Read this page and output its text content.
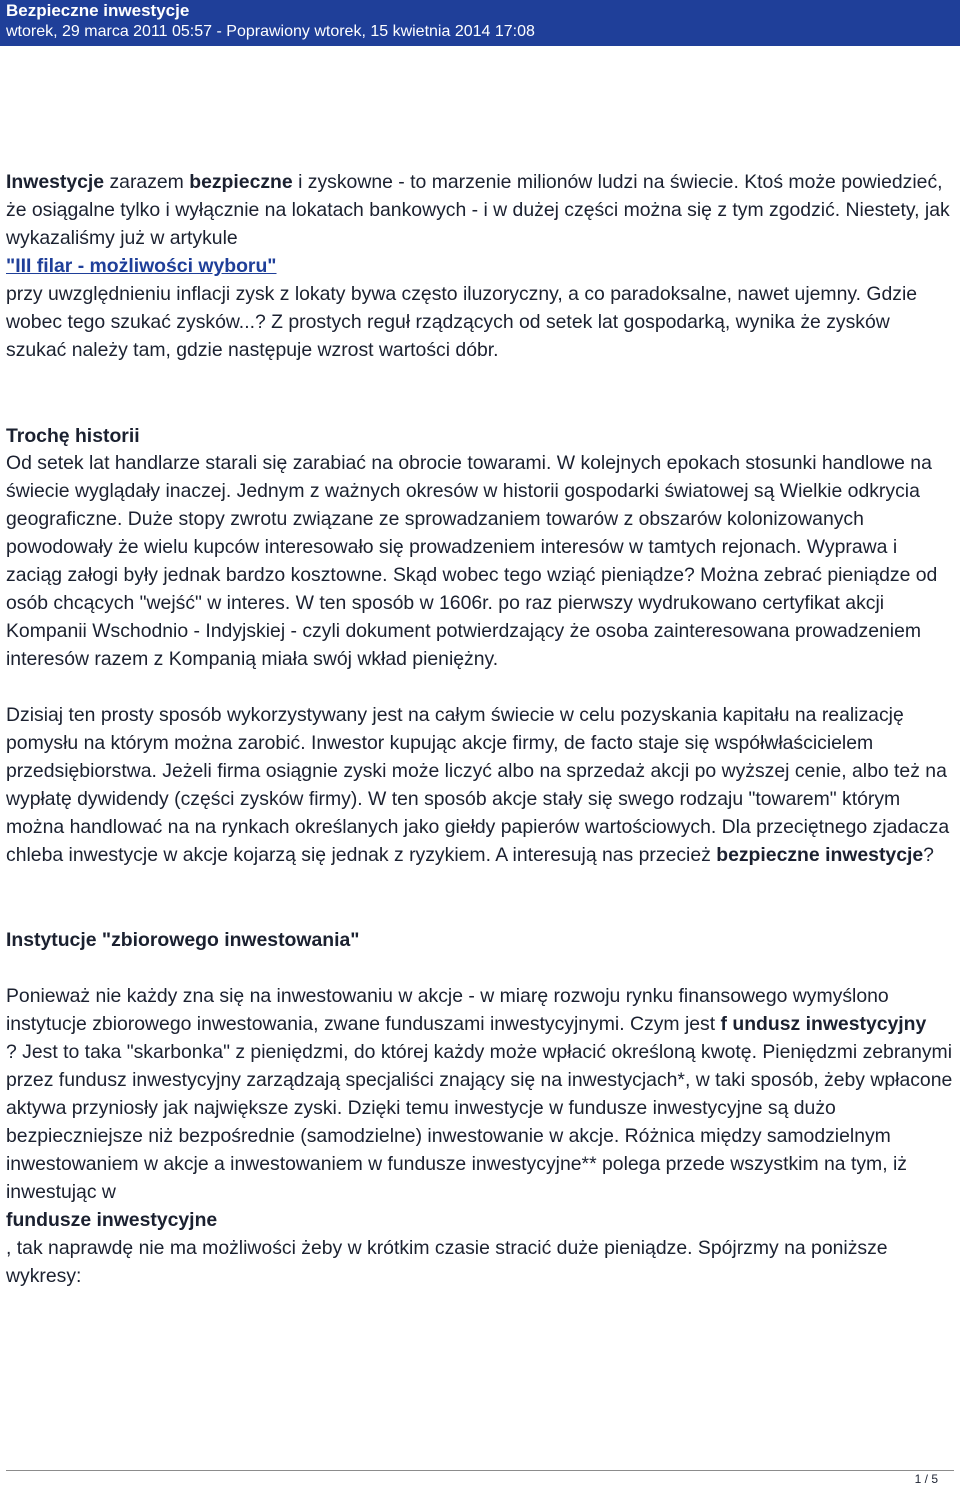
Bezpieczne inwestycje
wtorek, 29 marca 2011 05:57 - Poprawiony wtorek, 15 kwietnia 2014 17:08

Inwestycje zarazem bezpieczne i zyskowne - to marzenie milionów ludzi na świecie. Ktoś może powiedzieć, że osiągalne tylko i wyłącznie na lokatach bankowych - i w dużej części można się z tym zgodzić. Niestety, jak wykazaliśmy już w artykule
"III filar - możliwości wyboru"
przy uwzględnieniu inflacji zysk z lokaty bywa często iluzoryczny, a co paradoksalne, nawet ujemny. Gdzie wobec tego szukać zysków...? Z prostych reguł rządzących od setek lat gospodarką, wynika że zysków szukać należy tam, gdzie następuje wzrost wartości dóbr.

Trochę historii

Od setek lat handlarze starali się zarabiać na obrocie towarami. W kolejnych epokach stosunki handlowe na świecie wyglądały inaczej. Jednym z ważnych okresów w historii gospodarki światowej są Wielkie odkrycia geograficzne. Duże stopy zwrotu związane ze sprowadzaniem towarów z obszarów kolonizowanych powodowały że wielu kupców interesowało się prowadzeniem interesów w tamtych rejonach. Wyprawa i zaciąg załogi były jednak bardzo kosztowne. Skąd wobec tego wziąć pieniądze? Można zebrać pieniądze od osób chcących "wejść" w interes. W ten sposób w 1606r. po raz pierwszy wydrukowano certyfikat akcji Kompanii Wschodnio - Indyjskiej - czyli dokument potwierdzający że osoba zainteresowana prowadzeniem interesów razem z Kompanią miała swój wkład pieniężny.

Dzisiaj ten prosty sposób wykorzystywany jest na całym świecie w celu pozyskania kapitału na realizację pomysłu na którym można zarobić. Inwestor kupując akcje firmy, de facto staje się współwłaścicielem przedsiębiorstwa. Jeżeli firma osiągnie zyski może liczyć albo na sprzedaż akcji po wyższej cenie, albo też na wypłatę dywidendy (części zysków firmy). W ten sposób akcje stały się swego rodzaju "towarem" którym można handlować na na rynkach określanych jako giełdy papierów wartościowych. Dla przeciętnego zjadacza chleba inwestycje w akcje kojarzą się jednak z ryzykiem. A interesują nas przecież bezpieczne inwestycje?

Instytucje "zbiorowego inwestowania"

Ponieważ nie każdy zna się na inwestowaniu w akcje - w miarę rozwoju rynku finansowego wymyślono instytucje zbiorowego inwestowania, zwane funduszami inwestycyjnymi. Czym jest f undusz inwestycyjny
? Jest to taka "skarbonka" z pieniędzmi, do której każdy może wpłacić określoną kwotę. Pieniędzmi zebranymi przez fundusz inwestycyjny zarządzają specjaliści znający się na inwestycjach*, w taki sposób, żeby wpłacone aktywa przyniosły jak największe zyski. Dzięki temu inwestycje w fundusze inwestycyjne są dużo bezpieczniejsze niż bezpośrednie (samodzielne) inwestowanie w akcje. Różnica między samodzielnym inwestowaniem w akcje a inwestowaniem w fundusze inwestycyjne** polega przede wszystkim na tym, iż inwestując w
fundusze inwestycyjne
, tak naprawdę nie ma możliwości żeby w krótkim czasie stracić duże pieniądze. Spójrzmy na poniższe wykresy:

1 / 5
